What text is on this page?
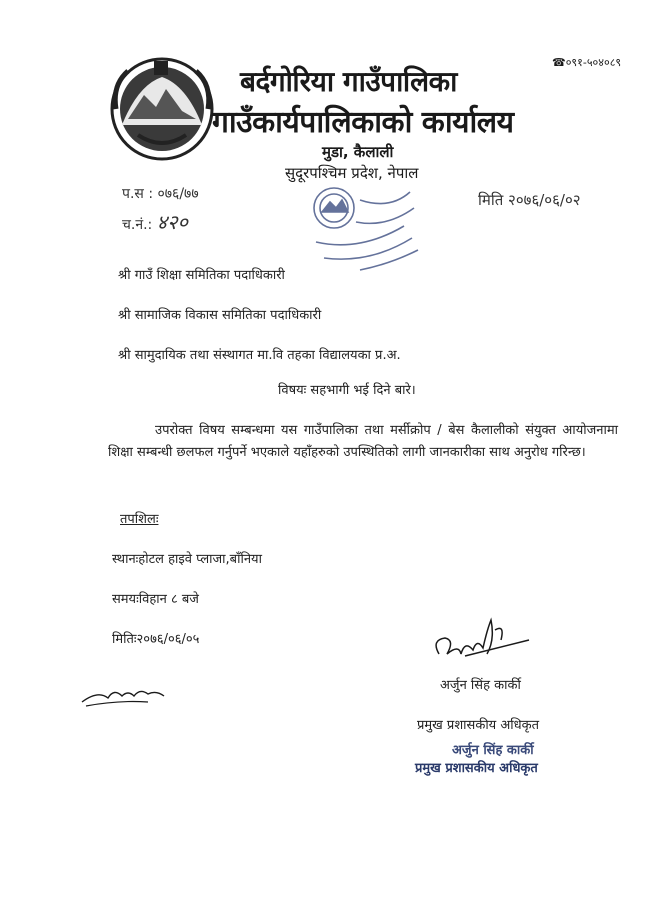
☎०९१-५०४०८९
बर्दगोरिया गाउँपालिका
गाउँकार्यपालिकाको कार्यालय
मुडा, कैलाली
सुदूरपश्चिम प्रदेश, नेपाल
प.स : ०७६/७७
च.नं.: ४२०
मिति २०७६/०६/०२
श्री गाउँ शिक्षा समितिका पदाधिकारी
श्री सामाजिक विकास समितिका पदाधिकारी
श्री सामुदायिक तथा संस्थागत मा.वि तहका विद्यालयका प्र.अ.
विषयः सहभागी भई दिने बारे।
उपरोक्त विषय सम्बन्धमा यस गाउँपालिका तथा मर्सीक्रोप / बेस कैलालीको संयुक्त आयोजनामा शिक्षा सम्बन्धी छलफल गर्नुपर्ने भएकाले यहाँहरुको उपस्थितिको लागी जानकारीका साथ अनुरोध गरिन्छ।
तपशिलः
स्थानःहोटल हाइवे प्लाजा,बाँनिया
समयःविहान ८ बजे
मितिः२०७६/०६/०५
अर्जुन सिंह कार्की
प्रमुख प्रशासकीय अधिकृत
अर्जुन सिंह कार्की
प्रमुख प्रशासकीय अधिकृत
